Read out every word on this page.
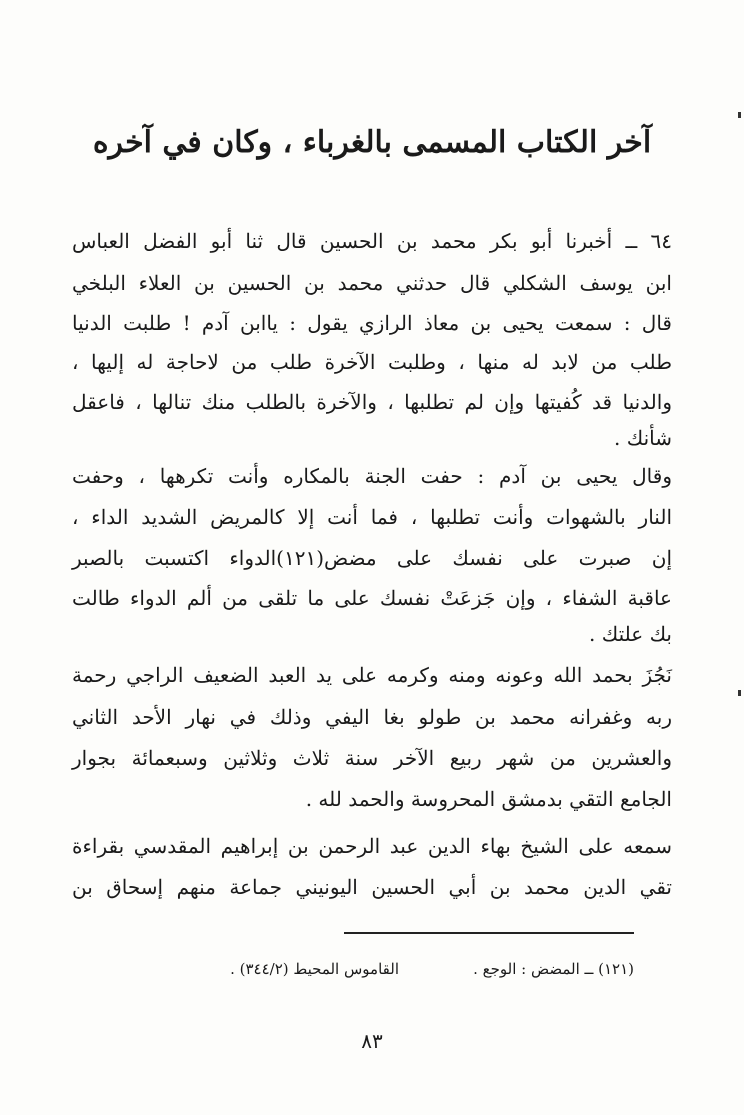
آخر الكتاب المسمى بالغرباء ، وكان في آخره
٦٤ ــ أخبرنا أبو بكر محمد بن الحسين قال ثنا أبو الفضل العباس
ابن يوسف الشكلي قال حدثني محمد بن الحسين بن العلاء البلخي
قال : سمعت يحيى بن معاذ الرازي يقول : ياابن آدم ! طلبت الدنيا
طلب من لابد له منها ، وطلبت الآخرة طلب من لاحاجة له إليها ،
والدنيا قد كُفيتها وإن لم تطلبها ، والآخرة بالطلب منك تنالها ، فاعقل
شأنك .
وقال يحيى بن آدم : حفت الجنة بالمكاره وأنت تكرهها ، وحفت
النار بالشهوات وأنت تطلبها ، فما أنت إلا كالمريض الشديد الداء ،
إن صبرت على نفسك على مضض(١٢١)الدواء اكتسبت بالصبر
عاقبة الشفاء ، وإن جَزعَتْ نفسك على ما تلقى من ألم الدواء طالت
بك علتك .
نَجُزَ بحمد الله وعونه ومنه وكرمه على يد العبد الضعيف الراجي رحمة
ربه وغفرانه محمد بن طولو بغا اليفي وذلك في نهار الأحد الثاني
والعشرين من شهر ربيع الآخر سنة ثلاث وثلاثين وسبعمائة بجوار
الجامع التقي بدمشق المحروسة والحمد لله .
سمعه على الشيخ بهاء الدين عبد الرحمن بن إبراهيم المقدسي بقراءة
تقي الدين محمد بن أبي الحسين اليونيني جماعة منهم إسحاق بن
(١٢١) ــ المضض : الوجع .
القاموس المحيط (٣٤٤/٢) .
٨٣
